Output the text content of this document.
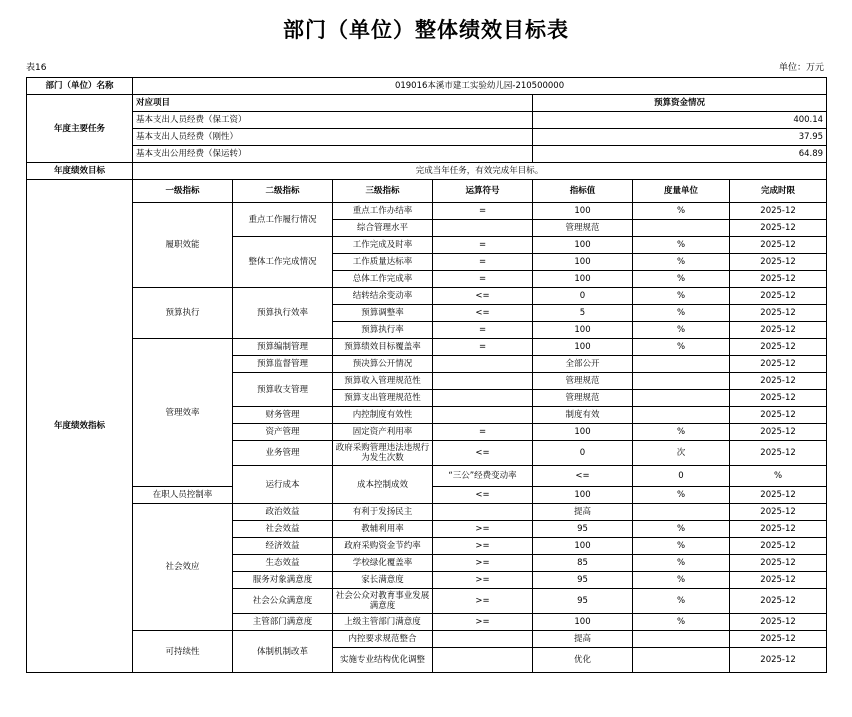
部门（单位）整体绩效目标表
表16	单位：万元
部门（单位）名称	019016本溪市建工实验幼儿园-210500000							
年度主要任务	对应项目				预算资金情况			
	基本支出人员经费（保工资）				400.14			
	基本支出人员经费（刚性）				37.95			
	基本支出公用经费（保运转）				64.89			
年度绩效目标	完成当年任务，有效完成年目标。							
年度绩效指标	一级指标	二级指标	三级指标	运算符号	指标值	度量单位	完成时限	
	履职效能	重点工作履行情况	重点工作办结率	=	100	%	2025-12	
			综合管理水平		管理规范		2025-12	
		整体工作完成情况	工作完成及时率	=	100	%	2025-12	
			工作质量达标率	=	100	%	2025-12	
			总体工作完成率	=	100	%	2025-12	
	预算执行	预算执行效率	结转结余变动率	<=	0	%	2025-12	
			预算调整率	<=	5	%	2025-12	
			预算执行率	=	100	%	2025-12	
	管理效率	预算编制管理	预算绩效目标覆盖率	=	100	%	2025-12	
		预算监督管理	预决算公开情况		全部公开		2025-12	
		预算收支管理	预算收入管理规范性		管理规范		2025-12	
			预算支出管理规范性		管理规范		2025-12	
		财务管理	内控制度有效性		制度有效		2025-12	
		资产管理	固定资产利用率	=	100	%	2025-12	
		业务管理	政府采购管理违法违规行为发生次数	<=	0	次	2025-12	
		运行成本	成本控制成效	“三公”经费变动率	<=	0	%	
	在职人员控制率			<=	100	%	2025-12	
	社会效应	政治效益	有利于发扬民主		提高		2025-12	
		社会效益	教辅利用率	>=	95	%	2025-12	
		经济效益	政府采购资金节约率	>=	100	%	2025-12	
		生态效益	学校绿化覆盖率	>=	85	%	2025-12	
		服务对象满意度	家长满意度	>=	95	%	2025-12	
		社会公众满意度	社会公众对教育事业发展满意度	>=	95	%	2025-12	
		主管部门满意度	上级主管部门满意度	>=	100	%	2025-12	
	可持续性	体制机制改革	内控要求规范整合		提高		2025-12	
			实施专业结构优化调整		优化		2025-12	
